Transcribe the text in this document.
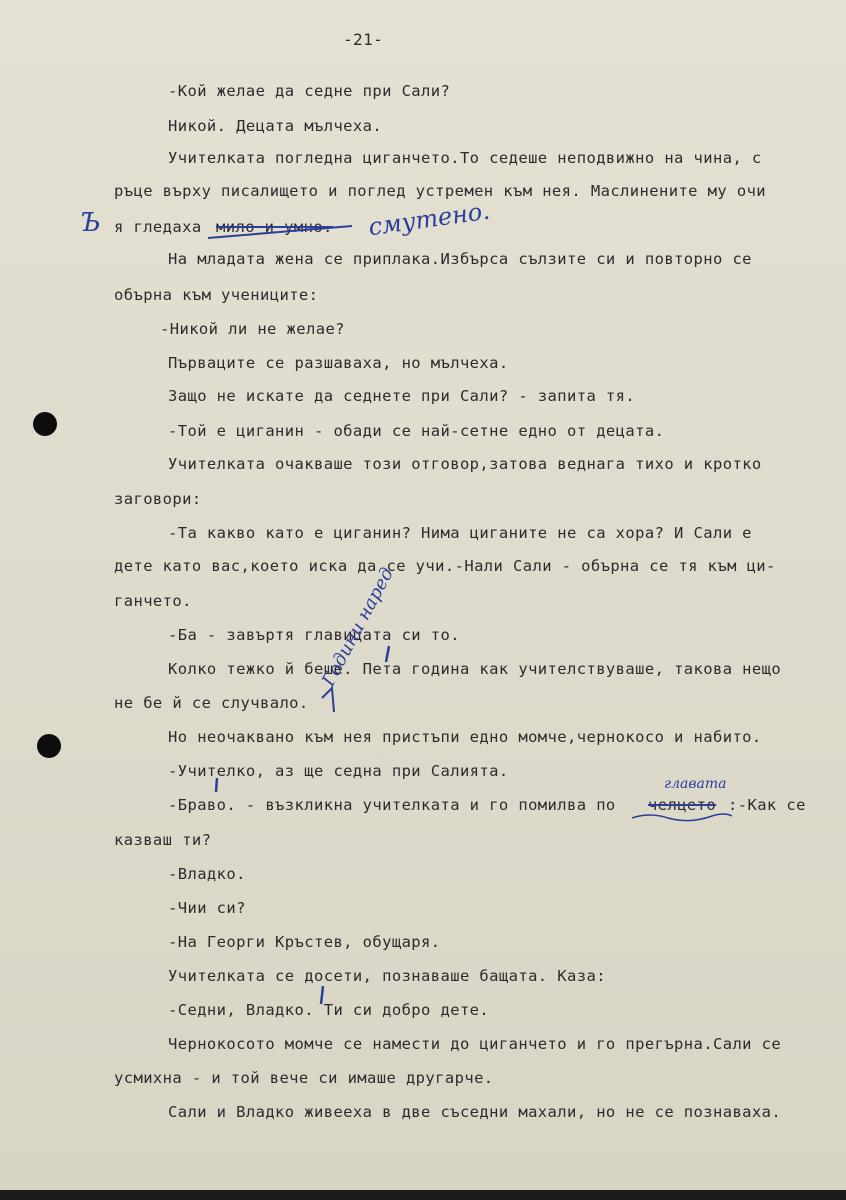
-21-
-Кой желае да седне при Сали?
Никой. Децата мълчеха.
Учителката погледна циганчето.То седеше неподвижно на чина, с
ръце върху писалището и поглед устремен към нея. Маслинените му очи
я гледаха мило и умно.
На младата жена се приплака.Избърса сълзите си и повторно се
обърна към учениците:
-Никой ли не желае?
Първаците се разшаваха, но мълчеха.
Защо не искате да седнете при Сали? - запита тя.
-Той е циганин - обади се най-сетне едно от децата.
Учителката очакваше този отговор,затова веднага тихо и кротко
заговори:
-Та какво като е циганин? Нима циганите не са хора? И Сали е
дете като вас,което иска да се учи.-Нали Сали - обърна се тя към ци-
ганчето.
-Ба - завъртя главицата си то.
Колко тежко й беше. Пета година как учителствуваше, такова нещо
не бе й се случвало.
Но неочаквано към нея пристъпи едно момче,чернокосо и набито.
-Учителко, аз ще седна при Салията.
-Браво. - възкликна учителката и го помилва по челцето :-Как се
казваш ти?
-Владко.
-Чии си?
-На Георги Кръстев, обущаря.
Учителката се досети, познаваше бащата. Каза:
-Седни, Владко. Ти си добро дете.
Чернокосото момче се намести до циганчето и го прегърна.Сали се
усмихна - и той вече си имаше другарче.
Сали и Владко живееха в две съседни махали, но не се познаваха.
Ъ	смутено.
главата
Години наред
